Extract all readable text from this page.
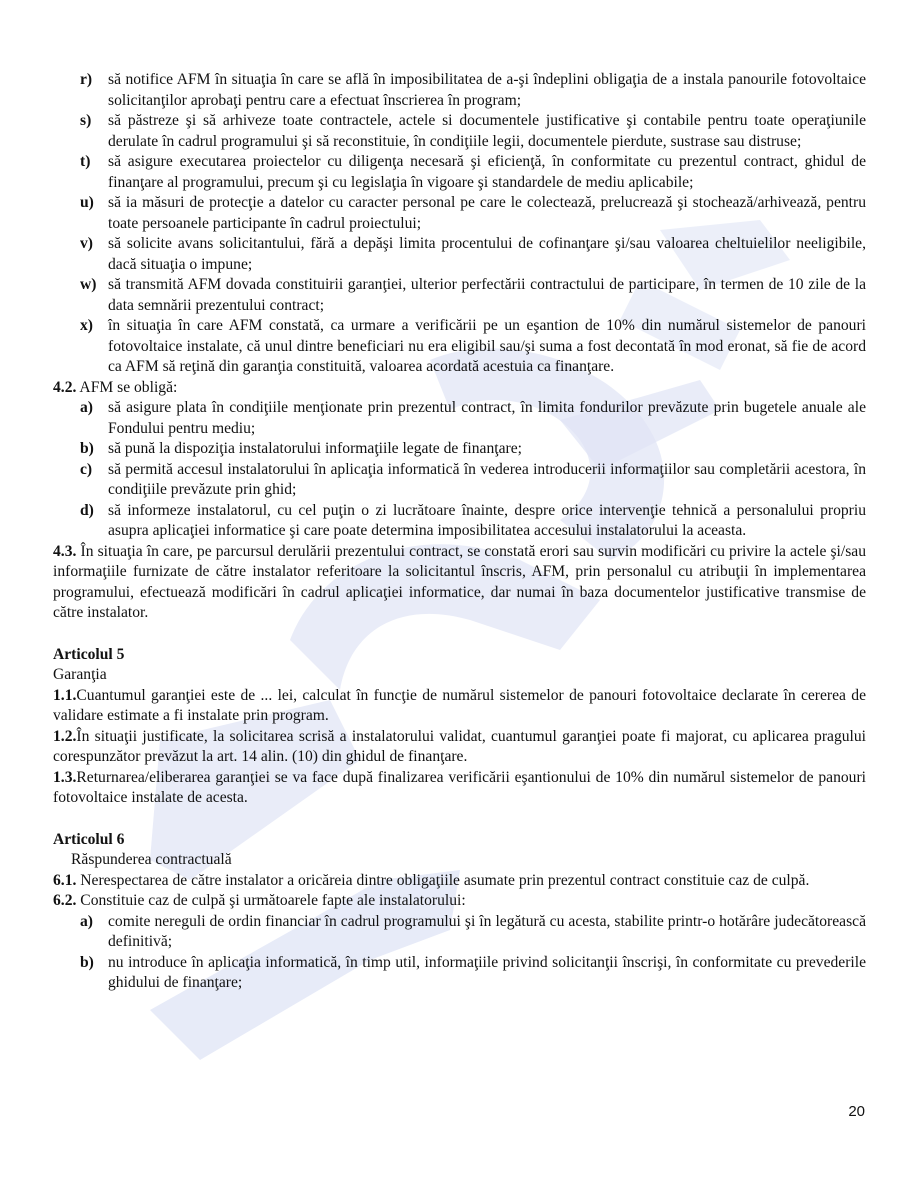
r)	să notifice AFM în situaţia în care se află în imposibilitatea de a-şi îndeplini obligaţia de a instala panourile fotovoltaice solicitanţilor aprobaţi pentru care a efectuat înscrierea în program;
s)	să păstreze şi să arhiveze toate contractele, actele si documentele justificative şi contabile pentru toate operaţiunile derulate în cadrul programului şi să reconstituie, în condiţiile legii, documentele pierdute, sustrase sau distruse;
t)	să asigure executarea proiectelor cu diligenţa necesară şi eficienţă, în conformitate cu prezentul contract, ghidul de finanţare al programului, precum şi cu legislaţia în vigoare şi standardele de mediu aplicabile;
u) să ia măsuri de protecţie a datelor cu caracter personal pe care le colectează, prelucrează şi stochează/arhivează, pentru toate persoanele participante în cadrul proiectului;
v) să solicite avans solicitantului, fără a depăşi limita procentului de cofinanţare şi/sau valoarea cheltuielilor neeligibile, dacă situaţia o impune;
w) să transmită AFM dovada constituirii garanţiei, ulterior perfectării contractului de participare, în termen de 10 zile de la data semnării prezentului contract;
x) în situaţia în care AFM constată, ca urmare a verificării pe un eşantion de 10% din numărul sistemelor de panouri fotovoltaice instalate, că unul dintre beneficiari nu era eligibil sau/şi suma a fost decontată în mod eronat, să fie de acord ca AFM să reţină din garanţia constituită, valoarea acordată acestuia ca finanţare.

4.2. AFM se obligă:

a) să asigure plata în condiţiile menţionate prin prezentul contract, în limita fondurilor prevăzute prin bugetele anuale ale Fondului pentru mediu;
b) să pună la dispoziţia instalatorului informaţiile legate de finanţare;
c)	să permită accesul instalatorului în aplicaţia informatică în vederea introducerii informaţiilor sau completării acestora, în condiţiile prevăzute prin ghid;
d) să informeze instalatorul, cu cel puţin o zi lucrătoare înainte, despre orice intervenţie tehnică a personalului propriu asupra aplicaţiei informatice şi care poate determina imposibilitatea accesului instalatorului la aceasta.

4.3. În situaţia în care, pe parcursul derulării prezentului contract, se constată erori sau survin modificări cu privire la actele şi/sau informaţiile furnizate de către instalator referitoare la solicitantul înscris, AFM, prin personalul cu atribuţii în implementarea programului, efectuează modificări în cadrul aplicaţiei informatice, dar numai în baza documentelor justificative transmise de către instalator.

Articolul 5

Garanţia

1.1.Cuantumul garanţiei este de ... lei, calculat în funcţie de numărul sistemelor de panouri fotovoltaice declarate în cererea de validare estimate a fi instalate prin program.

1.2.În situaţii justificate, la solicitarea scrisă a instalatorului validat, cuantumul garanţiei poate fi majorat, cu aplicarea pragului corespunzător prevăzut la art. 14 alin. (10) din ghidul de finanţare.

1.3.Returnarea/eliberarea garanţiei se va face după finalizarea verificării eşantionului de 10% din numărul sistemelor de panouri fotovoltaice instalate de acesta.

Articolul 6

Răspunderea contractuală

6.1. Nerespectarea de către instalator a oricăreia dintre obligaţiile asumate prin prezentul contract constituie caz de culpă.

6.2. Constituie caz de culpă şi următoarele fapte ale instalatorului:

a) comite nereguli de ordin financiar în cadrul programului şi în legătură cu acesta, stabilite printr-o hotărâre judecătorească definitivă;
b) nu introduce în aplicaţia informatică, în timp util, informaţiile privind solicitanţii înscrişi, în conformitate cu prevederile ghidului de finanţare;
20
